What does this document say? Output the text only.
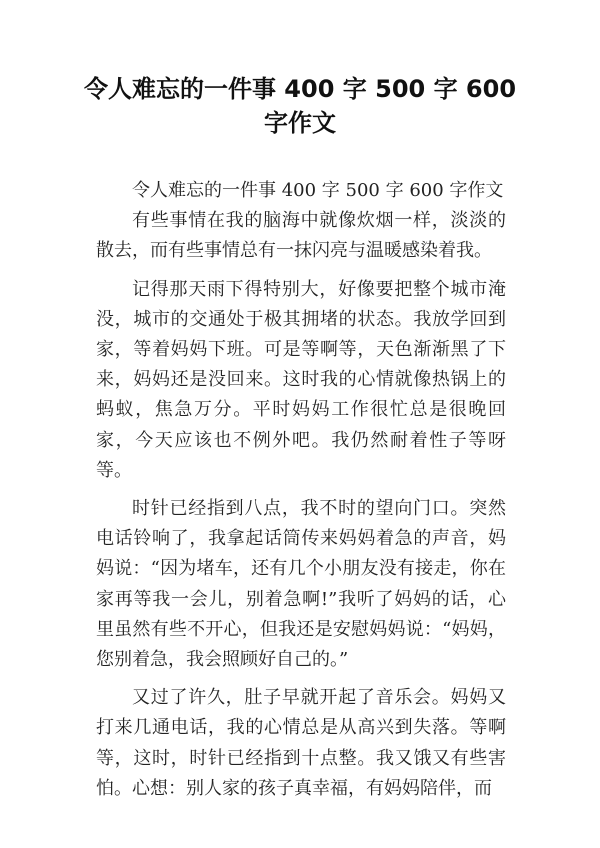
令人难忘的一件事 400 字 500 字 600
字作文

令人难忘的一件事 400 字 500 字 600 字作文

有些事情在我的脑海中就像炊烟一样，淡淡的散去，而有些事情总有一抹闪亮与温暖感染着我。

记得那天雨下得特别大，好像要把整个城市淹没，城市的交通处于极其拥堵的状态。我放学回到家，等着妈妈下班。可是等啊等，天色渐渐黑了下来，妈妈还是没回来。这时我的心情就像热锅上的蚂蚁，焦急万分。平时妈妈工作很忙总是很晚回家，今天应该也不例外吧。我仍然耐着性子等呀等。

时针已经指到八点，我不时的望向门口。突然电话铃响了，我拿起话筒传来妈妈着急的声音，妈妈说：“因为堵车，还有几个小朋友没有接走，你在家再等我一会儿，别着急啊!”我听了妈妈的话，心里虽然有些不开心，但我还是安慰妈妈说：“妈妈，您别着急，我会照顾好自己的。”

又过了许久，肚子早就开起了音乐会。妈妈又打来几通电话，我的心情总是从高兴到失落。等啊等，这时，时针已经指到十点整。我又饿又有些害怕。心想：别人家的孩子真幸福，有妈妈陪伴，而
